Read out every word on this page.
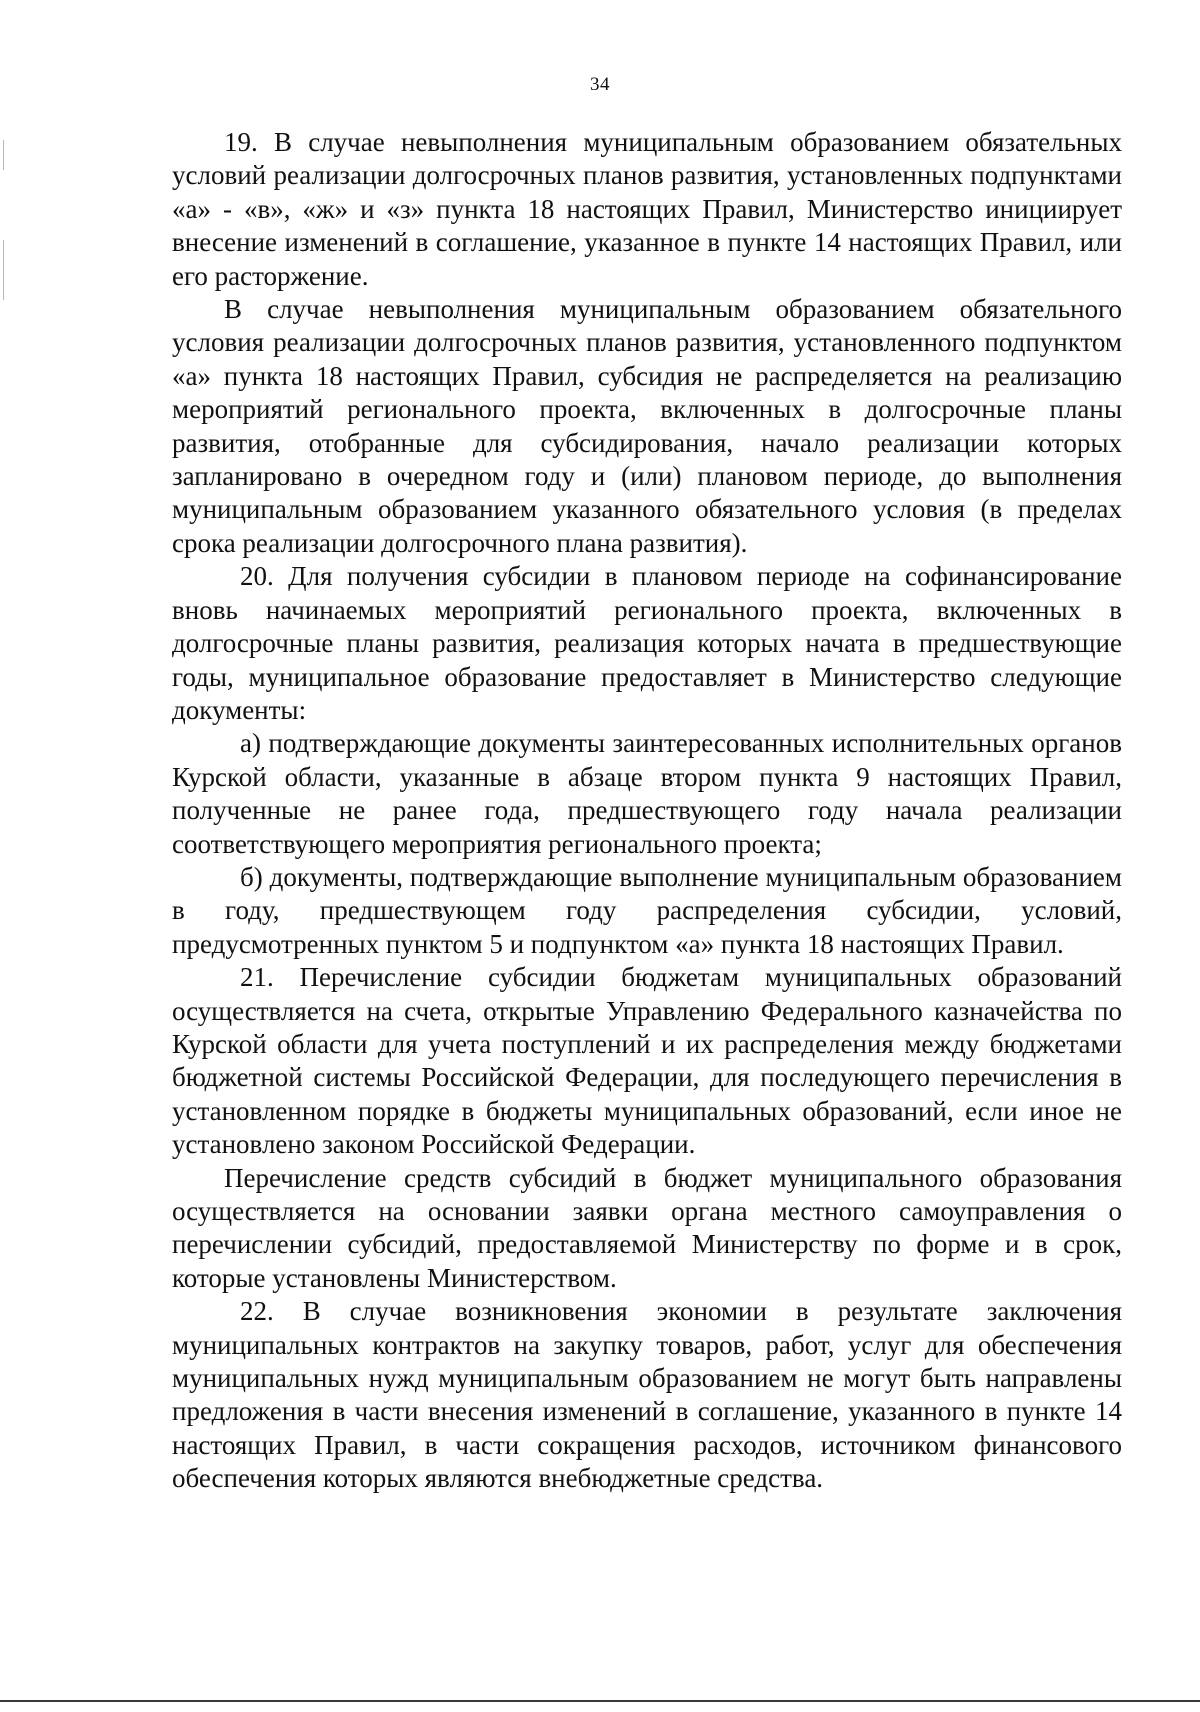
34

19. В случае невыполнения муниципальным образованием обязательных условий реализации долгосрочных планов развития, установленных подпунктами «а» - «в», «ж» и «з» пункта 18 настоящих Правил, Министерство инициирует внесение изменений в соглашение, указанное в пункте 14 настоящих Правил, или его расторжение.

В случае невыполнения муниципальным образованием обязательного условия реализации долгосрочных планов развития, установленного подпунктом «а» пункта 18 настоящих Правил, субсидия не распределяется на реализацию мероприятий регионального проекта, включенных в долгосрочные планы развития, отобранные для субсидирования, начало реализации которых запланировано в очередном году и (или) плановом периоде, до выполнения муниципальным образованием указанного обязательного условия (в пределах срока реализации долгосрочного плана развития).

20. Для получения субсидии в плановом периоде на софинансирование вновь начинаемых мероприятий регионального проекта, включенных в долгосрочные планы развития, реализация которых начата в предшествующие годы, муниципальное образование предоставляет в Министерство следующие документы:

а) подтверждающие документы заинтересованных исполнительных органов Курской области, указанные в абзаце втором пункта 9 настоящих Правил, полученные не ранее года, предшествующего году начала реализации соответствующего мероприятия регионального проекта;

б) документы, подтверждающие выполнение муниципальным образованием в году, предшествующем году распределения субсидии, условий, предусмотренных пунктом 5 и подпунктом «а» пункта 18 настоящих Правил.

21. Перечисление субсидии бюджетам муниципальных образований осуществляется на счета, открытые Управлению Федерального казначейства по Курской области для учета поступлений и их распределения между бюджетами бюджетной системы Российской Федерации, для последующего перечисления в установленном порядке в бюджеты муниципальных образований, если иное не установлено законом Российской Федерации.

Перечисление средств субсидий в бюджет муниципального образования осуществляется на основании заявки органа местного самоуправления о перечислении субсидий, предоставляемой Министерству по форме и в срок, которые установлены Министерством.

22. В случае возникновения экономии в результате заключения муниципальных контрактов на закупку товаров, работ, услуг для обеспечения муниципальных нужд муниципальным образованием не могут быть направлены предложения в части внесения изменений в соглашение, указанного в пункте 14 настоящих Правил, в части сокращения расходов, источником финансового обеспечения которых являются внебюджетные средства.
